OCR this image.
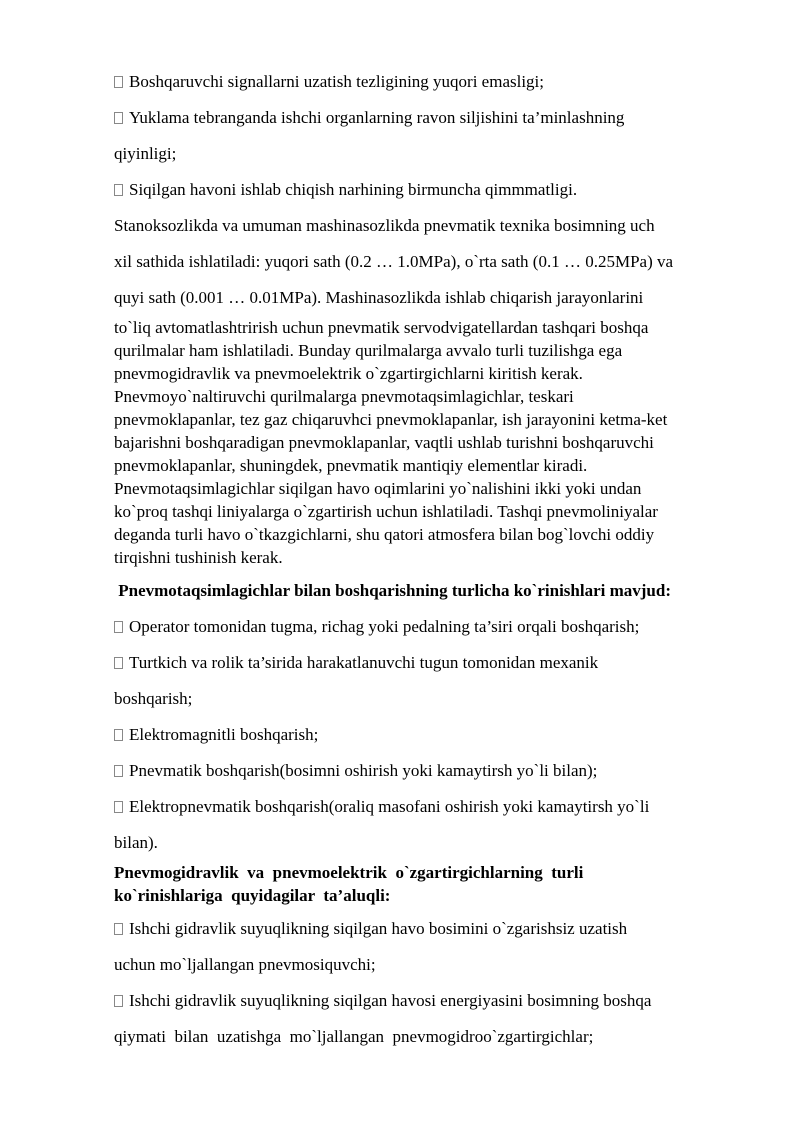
Boshqaruvchi signallarni uzatish tezligining yuqori emasligi;

Yuklama tebranganda ishchi organlarning ravon siljishini ta’minlashning

qiyinligi;

Siqilgan havoni ishlab chiqish narhining birmuncha qimmmatligi.

Stanoksozlikda va umuman mashinasozlikda pnevmatik texnika bosimning uch

xil sathida ishlatiladi: yuqori sath (0.2 … 1.0MPa), o`rta sath (0.1 … 0.25MPa) va

quyi sath (0.001 … 0.01MPa). Mashinasozlikda ishlab chiqarish jarayonlarini

to`liq avtomatlashtrirish uchun pnevmatik servodvigatellardan tashqari boshqa

qurilmalar ham ishlatiladi. Bunday qurilmalarga avvalo turli tuzilishga ega

pnevmogidravlik va pnevmoelektrik o`zgartirgichlarni kiritish kerak.

Pnevmoyo`naltiruvchi qurilmalarga pnevmotaqsimlagichlar, teskari

pnevmoklapanlar, tez gaz chiqaruvhci pnevmoklapanlar, ish jarayonini ketma-ket

bajarishni boshqaradigan pnevmoklapanlar, vaqtli ushlab turishni boshqaruvchi

pnevmoklapanlar, shuningdek, pnevmatik mantiqiy elementlar kiradi.

Pnevmotaqsimlagichlar siqilgan havo oqimlarini yo`nalishini ikki yoki undan

ko`proq tashqi liniyalarga o`zgartirish uchun ishlatiladi. Tashqi pnevmoliniyalar

deganda turli havo o`tkazgichlarni, shu qatori atmosfera bilan bog`lovchi oddiy

tirqishni tushinish kerak.

Pnevmotaqsimlagichlar bilan boshqarishning turlicha ko`rinishlari mavjud:

Operator tomonidan tugma, richag yoki pedalning ta’siri orqali boshqarish;

Turtkich va rolik ta’sirida harakatlanuvchi tugun tomonidan mexanik

boshqarish;

Elektromagnitli boshqarish;

Pnevmatik boshqarish(bosimni oshirish yoki kamaytirsh yo`li bilan);

Elektropnevmatik boshqarish(oraliq masofani oshirish yoki kamaytirsh yo`li

bilan).

Pnevmogidravlik  va  pnevmoelektrik  o`zgartirgichlarning  turli

ko`rinishlariga  quyidagilar  ta’aluqli:

Ishchi gidravlik suyuqlikning siqilgan havo bosimini o`zgarishsiz uzatish

uchun mo`ljallangan pnevmosiquvchi;

Ishchi gidravlik suyuqlikning siqilgan havosi energiyasini bosimning boshqa

qiymati  bilan  uzatishga  mo`ljallangan  pnevmogidroo`zgartirgichlar;
